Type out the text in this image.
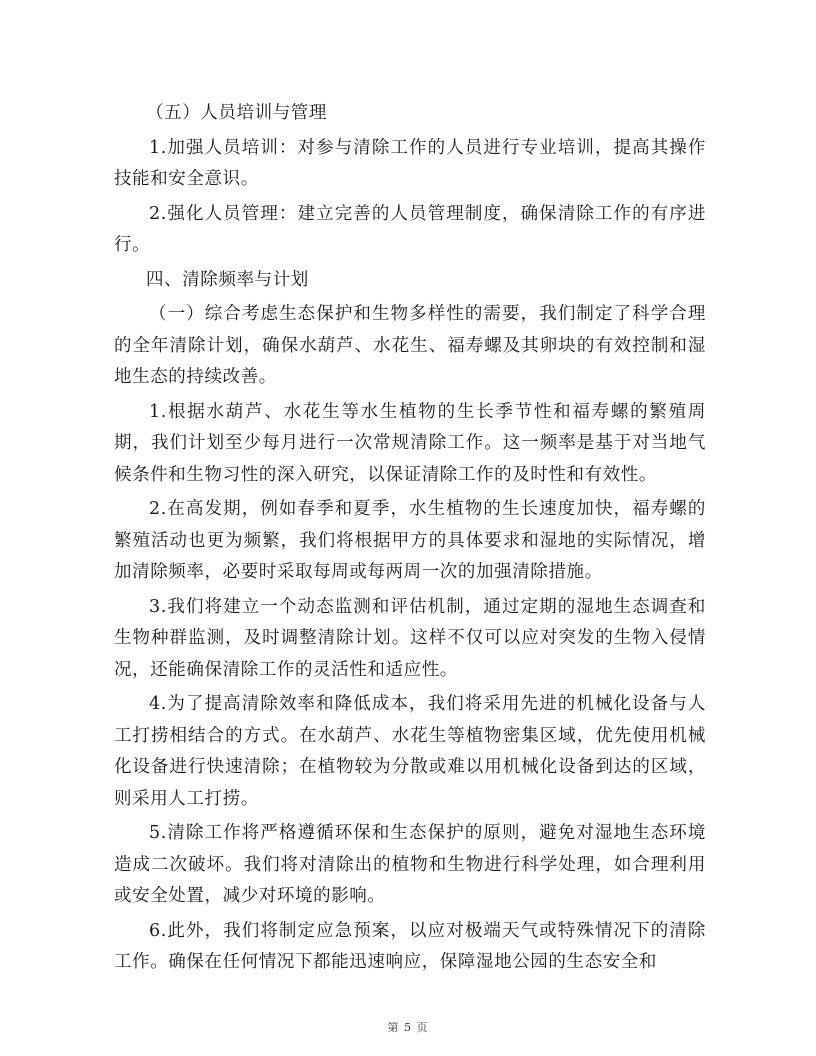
（五）人员培训与管理

1.加强人员培训：对参与清除工作的人员进行专业培训，提高其操作技能和安全意识。

2.强化人员管理：建立完善的人员管理制度，确保清除工作的有序进行。

四、清除频率与计划

（一）综合考虑生态保护和生物多样性的需要，我们制定了科学合理的全年清除计划，确保水葫芦、水花生、福寿螺及其卵块的有效控制和湿地生态的持续改善。

1.根据水葫芦、水花生等水生植物的生长季节性和福寿螺的繁殖周期，我们计划至少每月进行一次常规清除工作。这一频率是基于对当地气候条件和生物习性的深入研究，以保证清除工作的及时性和有效性。

2.在高发期，例如春季和夏季，水生植物的生长速度加快，福寿螺的繁殖活动也更为频繁，我们将根据甲方的具体要求和湿地的实际情况，增加清除频率，必要时采取每周或每两周一次的加强清除措施。

3.我们将建立一个动态监测和评估机制，通过定期的湿地生态调查和生物种群监测，及时调整清除计划。这样不仅可以应对突发的生物入侵情况，还能确保清除工作的灵活性和适应性。

4.为了提高清除效率和降低成本，我们将采用先进的机械化设备与人工打捞相结合的方式。在水葫芦、水花生等植物密集区域，优先使用机械化设备进行快速清除；在植物较为分散或难以用机械化设备到达的区域，则采用人工打捞。

5.清除工作将严格遵循环保和生态保护的原则，避免对湿地生态环境造成二次破坏。我们将对清除出的植物和生物进行科学处理，如合理利用或安全处置，减少对环境的影响。

6.此外，我们将制定应急预案，以应对极端天气或特殊情况下的清除工作。确保在任何情况下都能迅速响应，保障湿地公园的生态安全和

第 5 页
